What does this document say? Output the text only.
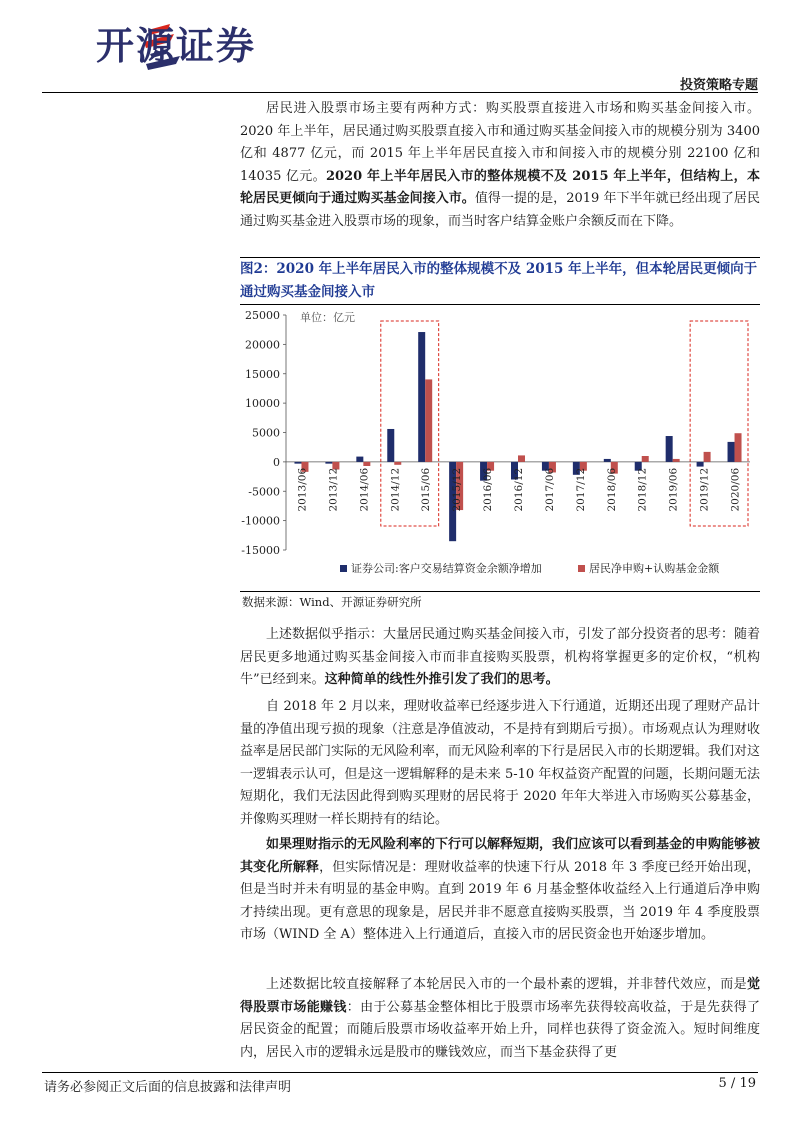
开源证券
投资策略专题

居民进入股票市场主要有两种方式：购买股票直接进入市场和购买基金间接入市。2020 年上半年，居民通过购买股票直接入市和通过购买基金间接入市的规模分别为 3400 亿和 4877 亿元，而 2015 年上半年居民直接入市和间接入市的规模分别 22100 亿和 14035 亿元。2020 年上半年居民入市的整体规模不及 2015 年上半年，但结构上，本轮居民更倾向于通过购买基金间接入市。值得一提的是，2019 年下半年就已经出现了居民通过购买基金进入股票市场的现象，而当时客户结算金账户余额反而在下降。

图2：2020 年上半年居民入市的整体规模不及 2015 年上半年，但本轮居民更倾向于通过购买基金间接入市

25000
20000
15000
10000
5000
0
-5000
-10000
-15000
单位：亿元
2013/06 2013/12 2014/06 2014/12 2015/06 2015/12 2016/06 2016/12 2017/06 2017/12 2018/06 2018/12 2019/06 2019/12 2020/06
证券公司:客户交易结算资金余额净增加	居民净申购+认购基金金额
数据来源：Wind、开源证券研究所

上述数据似乎指示：大量居民通过购买基金间接入市，引发了部分投资者的思考：随着居民更多地通过购买基金间接入市而非直接购买股票，机构将掌握更多的定价权，“机构牛”已经到来。这种简单的线性外推引发了我们的思考。

自 2018 年 2 月以来，理财收益率已经逐步进入下行通道，近期还出现了理财产品计量的净值出现亏损的现象（注意是净值波动，不是持有到期后亏损）。市场观点认为理财收益率是居民部门实际的无风险利率，而无风险利率的下行是居民入市的长期逻辑。我们对这一逻辑表示认可，但是这一逻辑解释的是未来 5-10 年权益资产配置的问题，长期问题无法短期化，我们无法因此得到购买理财的居民将于 2020 年年大举进入市场购买公募基金，并像购买理财一样长期持有的结论。

如果理财指示的无风险利率的下行可以解释短期，我们应该可以看到基金的申购能够被其变化所解释，但实际情况是：理财收益率的快速下行从 2018 年 3 季度已经开始出现，但是当时并未有明显的基金申购。直到 2019 年 6 月基金整体收益经入上行通道后净申购才持续出现。更有意思的现象是，居民并非不愿意直接购买股票，当 2019 年 4 季度股票市场（WIND 全 A）整体进入上行通道后，直接入市的居民资金也开始逐步增加。

上述数据比较直接解释了本轮居民入市的一个最朴素的逻辑，并非替代效应，而是觉得股票市场能赚钱：由于公募基金整体相比于股票市场率先获得较高收益，于是先获得了居民资金的配置；而随后股票市场收益率开始上升，同样也获得了资金流入。短时间维度内，居民入市的逻辑永远是股市的赚钱效应，而当下基金获得了更

请务必参阅正文后面的信息披露和法律声明	5 / 19
